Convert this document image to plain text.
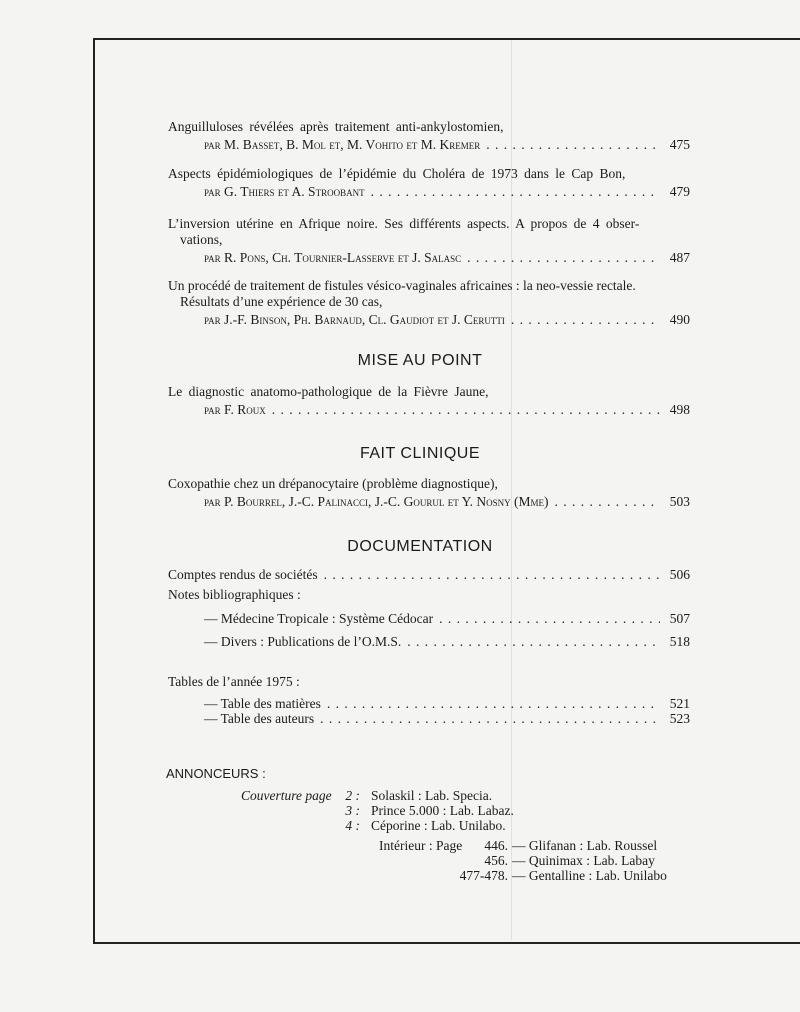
Anguilluloses révélées après traitement anti-ankylostomien,
par M. Basset, B. Mol et, M. Vohito et M. Kremer . . .	475
Aspects épidémiologiques de l’épidémie du Choléra de 1973 dans le Cap Bon,
par G. Thiers et A. Stroobant . . .	479
L’inversion utérine en Afrique noire. Ses différents aspects. A propos de 4 obser-
vations,
par R. Pons, Ch. Tournier-Lasserve et J. Salasc . . .	487
Un procédé de traitement de fistules vésico-vaginales africaines : la neo-vessie rectale.
Résultats d’une expérience de 30 cas,
par J.-F. Binson, Ph. Barnaud, Cl. Gaudiot et J. Cerutti . . .	490
MISE AU POINT
Le diagnostic anatomo-pathologique de la Fièvre Jaune,
par F. Roux . . .	498
FAIT CLINIQUE
Coxopathie chez un drépanocytaire (problème diagnostique),
par P. Bourrel, J.-C. Palinacci, J.-C. Gourul et Y. Nosny (Mme) . . .	503
DOCUMENTATION
Comptes rendus de sociétés . . .	506
Notes bibliographiques :
— Médecine Tropicale : Système Cédocar . . .	507
— Divers : Publications de l’O.M.S. . . .	518
Tables de l’année 1975 :
— Table des matières . . .	521
— Table des auteurs . . .	523
ANNONCEURS :
Couverture page	2 : Solaskil : Lab. Specia.
3 : Prince 5.000 : Lab. Labaz.
4 : Céporine : Lab. Unilabo.
Intérieur : Page	446. — Glifanan : Lab. Roussel
456. — Quinimax : Lab. Labay
477-478. — Gentalline : Lab. Unilabo
